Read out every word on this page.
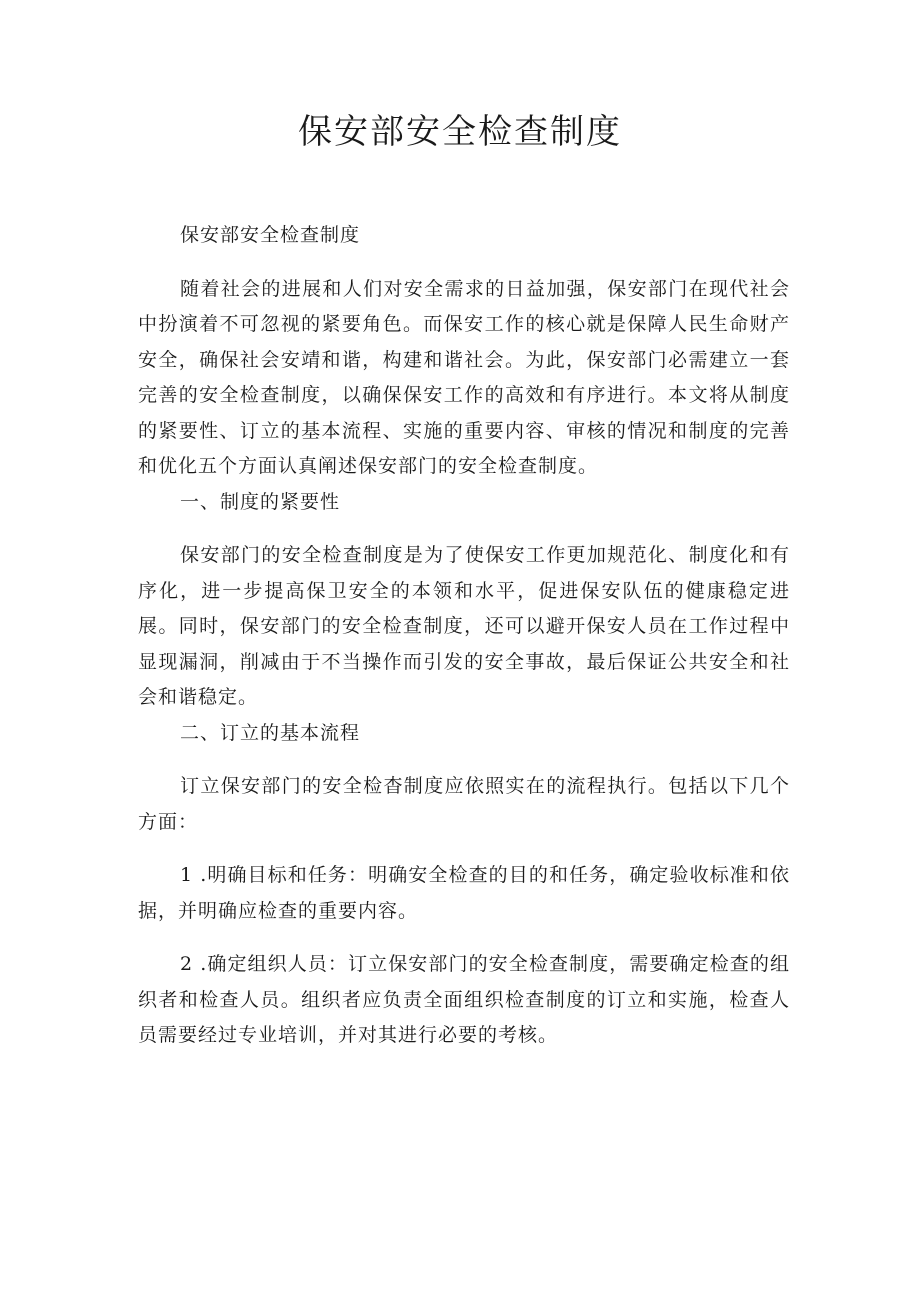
保安部安全检查制度

保安部安全检查制度

随着社会的进展和人们对安全需求的日益加强，保安部门在现代社会中扮演着不可忽视的紧要角色。而保安工作的核心就是保障人民生命财产安全，确保社会安靖和谐，构建和谐社会。为此，保安部门必需建立一套完善的安全检查制度，以确保保安工作的高效和有序进行。本文将从制度的紧要性、订立的基本流程、实施的重要内容、审核的情况和制度的完善和优化五个方面认真阐述保安部门的安全检查制度。

一、制度的紧要性

保安部门的安全检查制度是为了使保安工作更加规范化、制度化和有序化，进一步提高保卫安全的本领和水平，促进保安队伍的健康稳定进展。同时，保安部门的安全检查制度，还可以避开保安人员在工作过程中显现漏洞，削减由于不当操作而引发的安全事故，最后保证公共安全和社会和谐稳定。

二、订立的基本流程

订立保安部门的安全检杳制度应依照实在的流程执行。包括以下几个方面：

1 .明确目标和任务：明确安全检查的目的和任务，确定验收标准和依据，并明确应检查的重要内容。

2 .确定组织人员：订立保安部门的安全检查制度，需要确定检查的组织者和检查人员。组织者应负责全面组织检查制度的订立和实施，检查人员需要经过专业培训，并对其进行必要的考核。
